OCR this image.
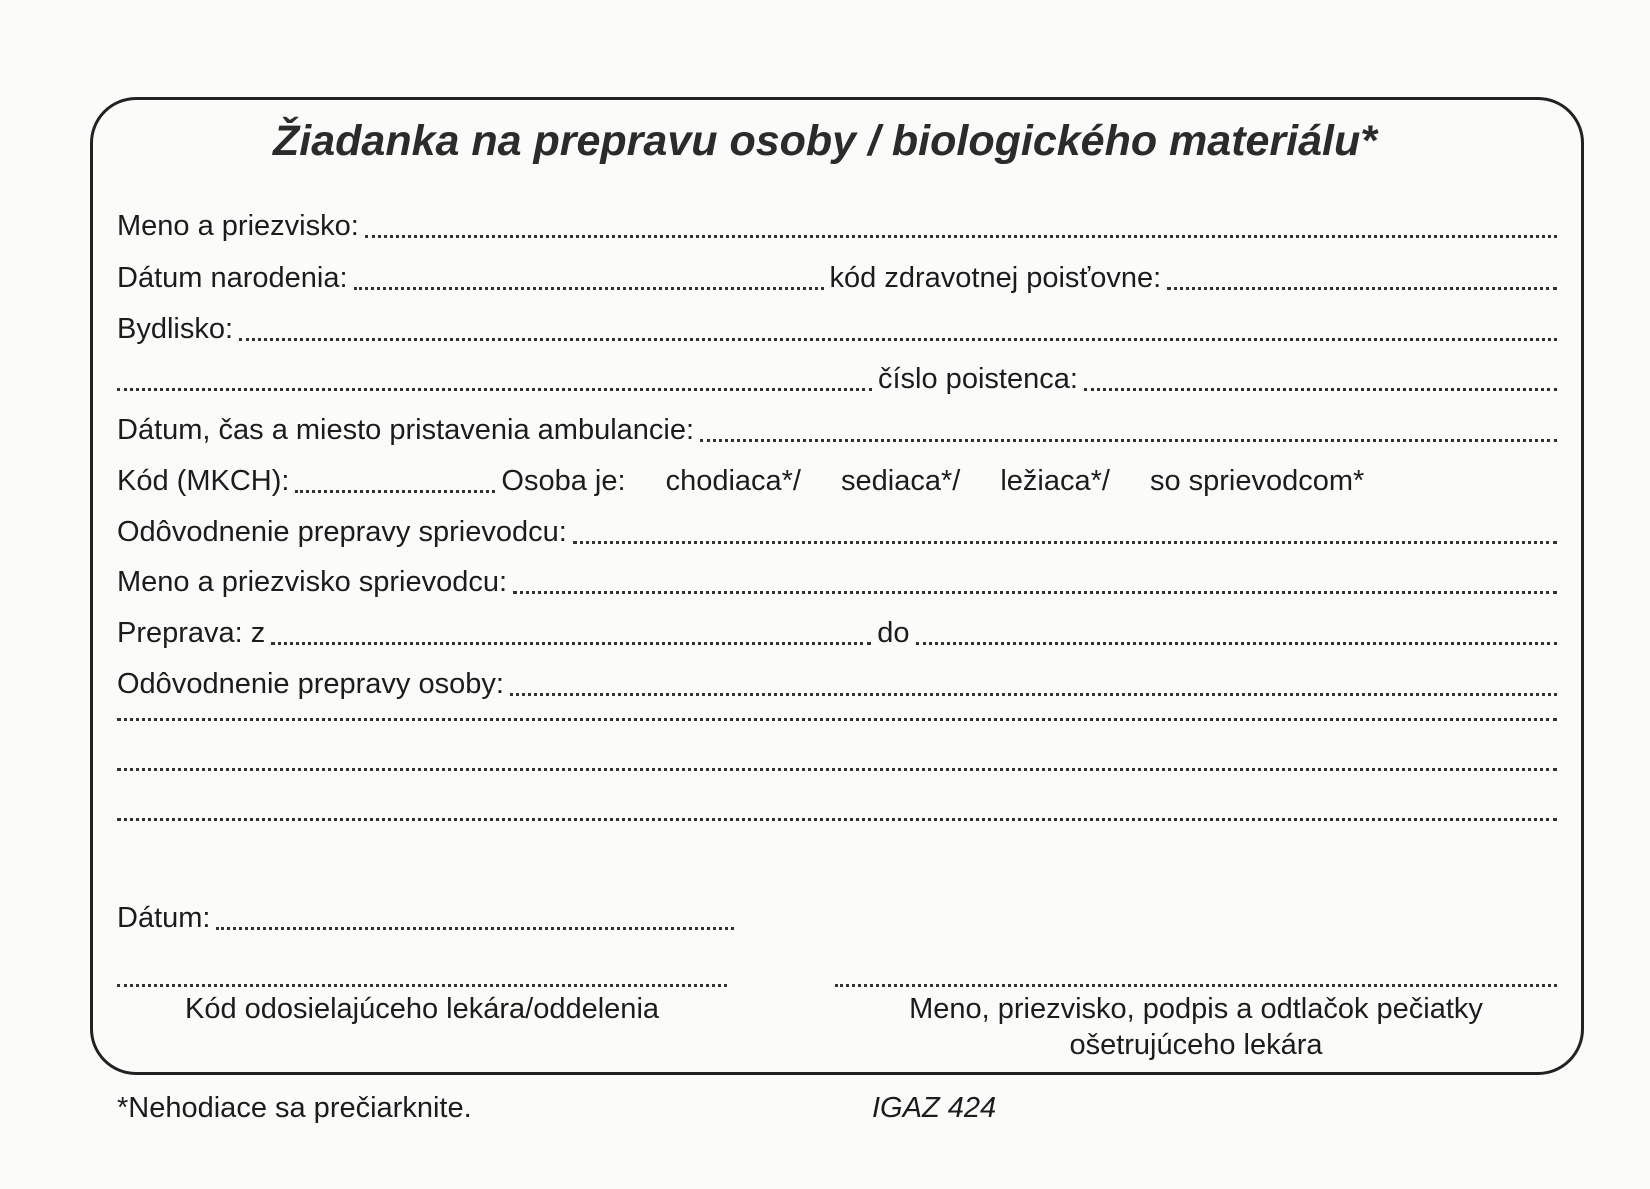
Žiadanka na prepravu osoby / biologického materiálu*
Meno a priezvisko:
Dátum narodenia:	kód zdravotnej poisťovne:
Bydlisko:
číslo poistenca:
Dátum, čas a miesto pristavenia ambulancie:
Kód (MKCH):	Osoba je: chodiaca*/ sediaca*/ ležiaca*/ so sprievodcom*
Odôvodnenie prepravy sprievodcu:
Meno a priezvisko sprievodcu:
Preprava: z	do
Odôvodnenie prepravy osoby:
Dátum:
Kód odosielajúceho lekára/oddelenia	Meno, priezvisko, podpis a odtlačok pečiatky
ošetrujúceho lekára
*Nehodiace sa prečiarknite.	IGAZ 424
